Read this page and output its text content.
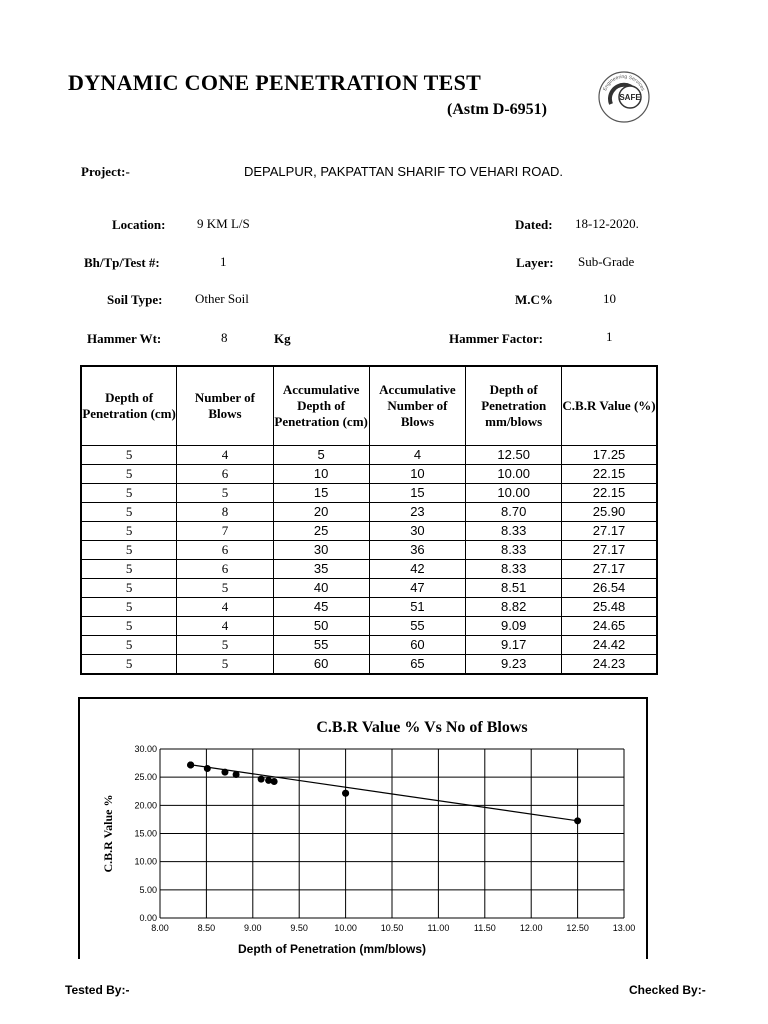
DYNAMIC CONE PENETRATION TEST
(Astm D-6951)
Engineering Services
SAFE
Project:-	DEPALPUR, PAKPATTAN SHARIF TO VEHARI ROAD.
Location: 9 KM L/S	Dated: 18-12-2020.
Bh/Tp/Test #:	1	Layer: Sub-Grade
Soil Type: Other Soil	M.C%	10
Hammer Wt:	8	Kg	Hammer Factor:	1
Depth of Penetration (cm)	Number of Blows	Accumulative Depth of Penetration (cm)	Accumulative Number of Blows	Depth of Penetration mm/blows	C.B.R Value (%)
5	4	5	4	12.50	17.25
5	6	10	10	10.00	22.15
5	5	15	15	10.00	22.15
5	8	20	23	8.70	25.90
5	7	25	30	8.33	27.17
5	6	30	36	8.33	27.17
5	6	35	42	8.33	27.17
5	5	40	47	8.51	26.54
5	4	45	51	8.82	25.48
5	4	50	55	9.09	24.65
5	5	55	60	9.17	24.42
5	5	60	65	9.23	24.23
C.B.R Value % Vs No of Blows
8.00	8.50	9.00	9.50	10.00	10.50	11.00	11.50	12.00	12.50	13.00
0.00
5.00
10.00
15.00
20.00
25.00
30.00
Depth of Penetration (mm/blows)
C.B.R Value %
Tested By:-	Checked By:-
